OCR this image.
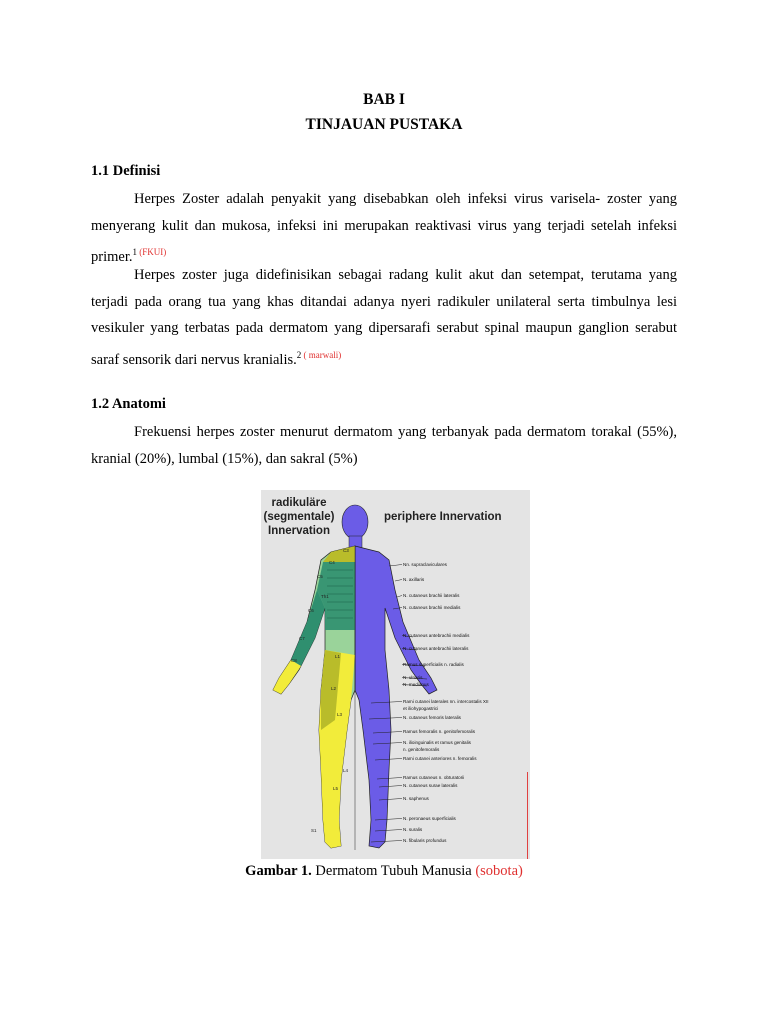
BAB I
TINJAUAN PUSTAKA
1.1 Definisi
Herpes Zoster adalah penyakit yang disebabkan oleh infeksi virus varisela- zoster yang menyerang kulit dan mukosa, infeksi ini merupakan reaktivasi virus yang terjadi setelah infeksi primer.$^1$ $^{(FKUI)}$
Herpes zoster juga didefinisikan sebagai radang kulit akut dan setempat, terutama yang terjadi pada orang tua yang khas ditandai adanya nyeri radikuler unilateral serta timbulnya lesi vesikuler yang terbatas pada dermatom yang dipersarafi serabut spinal maupun ganglion serabut saraf sensorik dari nervus kranialis.$^2$ $^{( marwali)}$
1.2 Anatomi
Frekuensi herpes zoster menurut dermatom yang terbanyak pada dermatom torakal (55%), kranial (20%), lumbal (15%), dan sakral (5%)
radikuläre
(segmentale)
Innervation
periphere Innervation
C3
C4
C5
C6
C7
C8
Th1
L1
L2
L3
L4
L5
S1
Nn. supraclaviculares
N. axillaris
N. cutaneus brachii lateralis
N. cutaneus brachii medialis
N. cutaneus antebrachii medialis
N. cutaneus antebrachii lateralis
Ramus superficialis n. radialis
N. ulnaris
N. medianus
Rami cutanei laterales nn. intercostalis XII
et iliohypogastrici
N. cutaneus femoris lateralis
Ramus femoralis n. genitofemoralis
N. ilioinguinalis et ramus genitalis
n. genitofemoralis
Rami cutanei anteriores n. femoralis
Ramus cutaneus n. obturatorii
N. cutaneus surae lateralis
N. saphenus
N. peronaeus superficialis
N. suralis
N. fibularis profundus
Gambar 1. Dermatom Tubuh Manusia (sobota)
